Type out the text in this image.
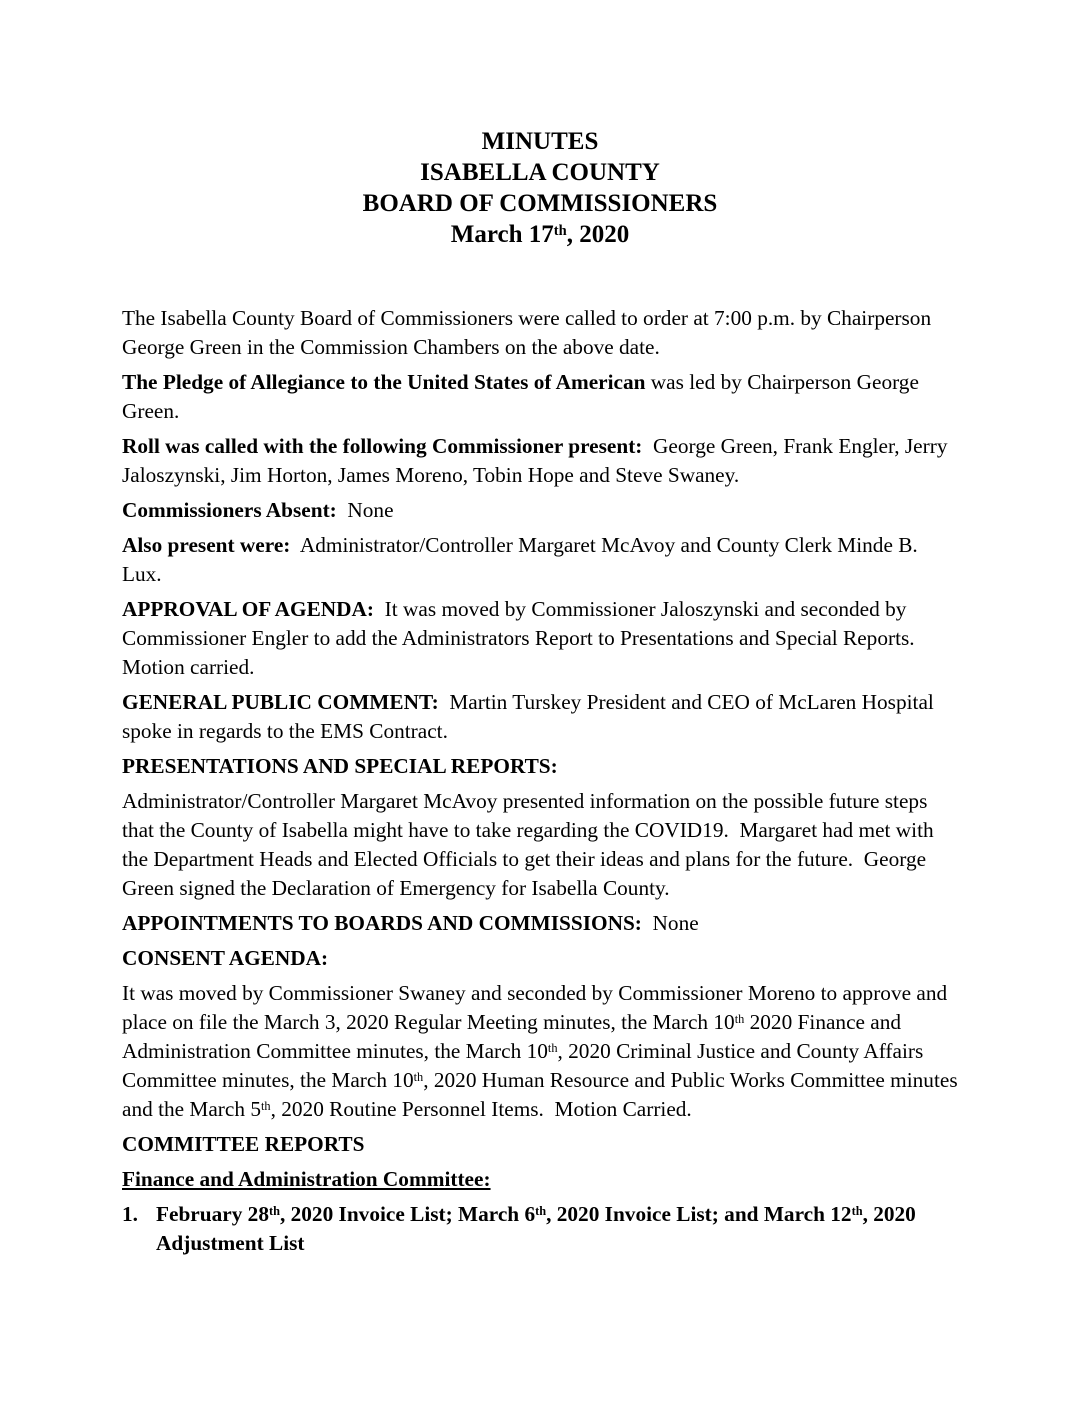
MINUTES
ISABELLA COUNTY
BOARD OF COMMISSIONERS
March 17th, 2020

The Isabella County Board of Commissioners were called to order at 7:00 p.m. by Chairperson George Green in the Commission Chambers on the above date.

The Pledge of Allegiance to the United States of American was led by Chairperson George Green.

Roll was called with the following Commissioner present:  George Green, Frank Engler, Jerry Jaloszynski, Jim Horton, James Moreno, Tobin Hope and Steve Swaney.

Commissioners Absent:  None

Also present were:  Administrator/Controller Margaret McAvoy and County Clerk Minde B. Lux.

APPROVAL OF AGENDA:  It was moved by Commissioner Jaloszynski and seconded by Commissioner Engler to add the Administrators Report to Presentations and Special Reports.  Motion carried.

GENERAL PUBLIC COMMENT:  Martin Turskey President and CEO of McLaren Hospital spoke in regards to the EMS Contract.

PRESENTATIONS AND SPECIAL REPORTS:

Administrator/Controller Margaret McAvoy presented information on the possible future steps that the County of Isabella might have to take regarding the COVID19.  Margaret had met with the Department Heads and Elected Officials to get their ideas and plans for the future.  George Green signed the Declaration of Emergency for Isabella County.

APPOINTMENTS TO BOARDS AND COMMISSIONS:  None

CONSENT AGENDA:

It was moved by Commissioner Swaney and seconded by Commissioner Moreno to approve and place on file the March 3, 2020 Regular Meeting minutes, the March 10th 2020 Finance and Administration Committee minutes, the March 10th, 2020 Criminal Justice and County Affairs Committee minutes, the March 10th, 2020 Human Resource and Public Works Committee minutes and the March 5th, 2020 Routine Personnel Items.  Motion Carried.

COMMITTEE REPORTS

Finance and Administration Committee:

1. February 28th, 2020 Invoice List; March 6th, 2020 Invoice List; and March 12th, 2020 Adjustment List
